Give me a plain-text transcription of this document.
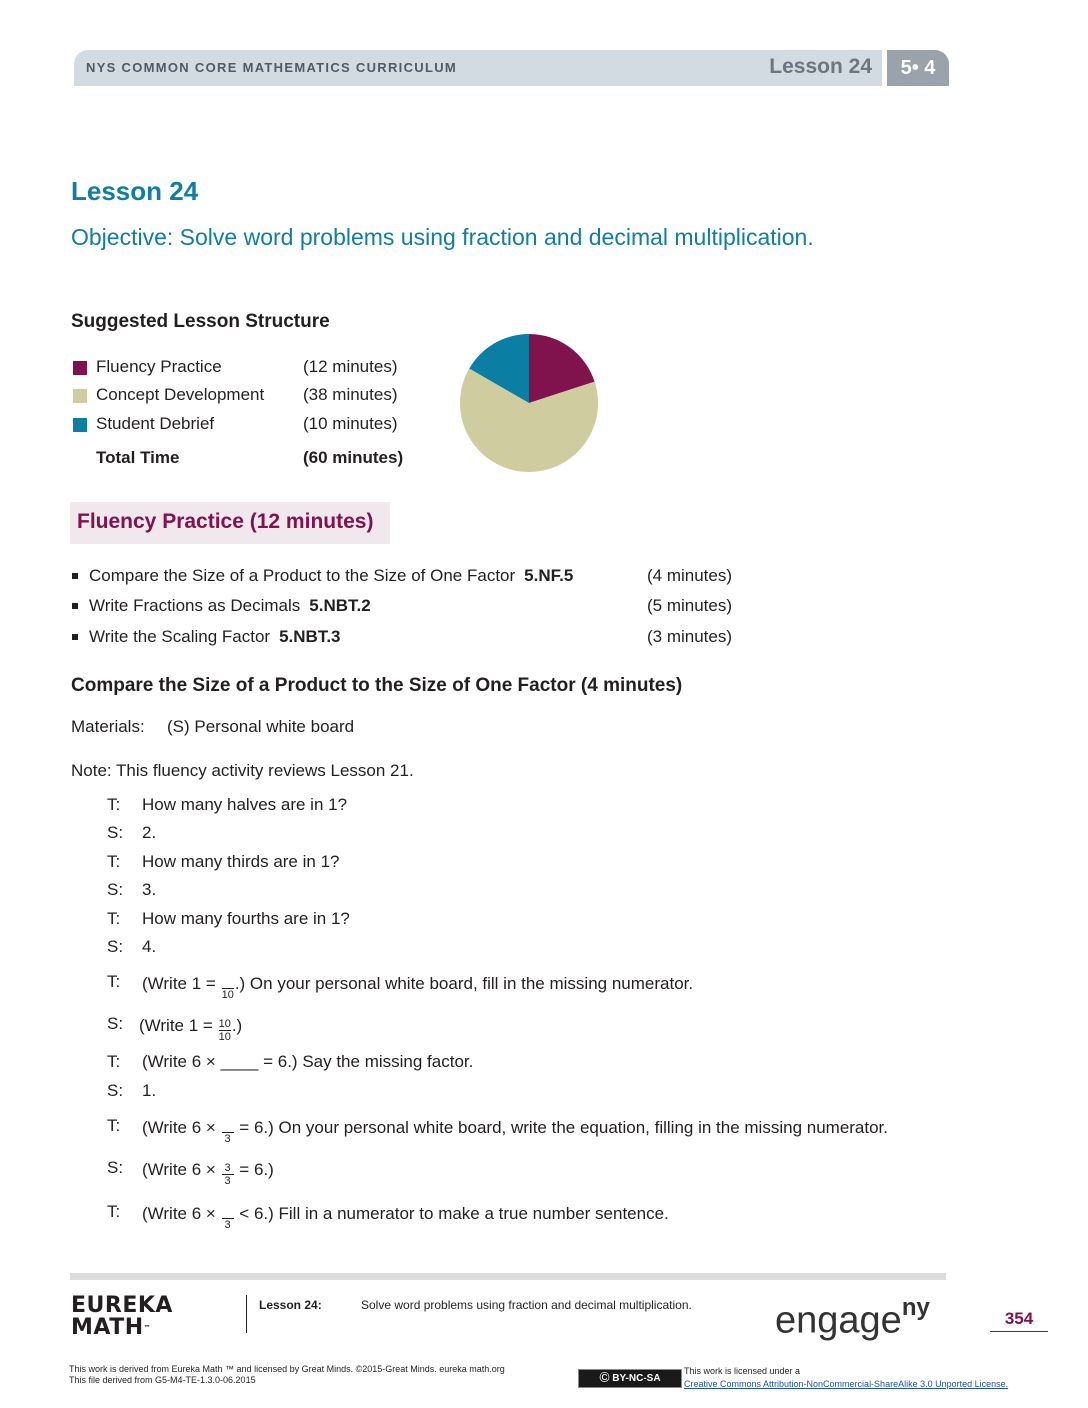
NYS COMMON CORE MATHEMATICS CURRICULUM	Lesson 24	5• 4
Lesson 24
Objective: Solve word problems using fraction and decimal multiplication.
Suggested Lesson Structure
Fluency Practice	(12 minutes)
Concept Development (38 minutes)
Student Debrief	(10 minutes)
Total Time	(60 minutes)
Fluency Practice (12 minutes)
Compare the Size of a Product to the Size of One Factor 5.NF.5	(4 minutes)
Write Fractions as Decimals 5.NBT.2	(5 minutes)
Write the Scaling Factor 5.NBT.3	(3 minutes)
Compare the Size of a Product to the Size of One Factor (4 minutes)
Materials: (S) Personal white board
Note: This fluency activity reviews Lesson 21.
T: How many halves are in 1?
S: 2.
T: How many thirds are in 1?
S: 3.
T: How many fourths are in 1?
S: 4.
T: (Write 1 =
10
.) On your personal white board, fill in the missing numerator.
S: (Write $1 = \frac{10}{10}$ .)
T: (Write 6 × ____ = 6.) Say the missing factor.
S: 1.
T: (Write 6 ×
3
= 6.) On your personal white board, write the equation, filling in the missing numerator.
S: (Write $6 \times \frac{3}{3} = 6$.)
T: (Write 6 ×
3
< 6.) Fill in a numerator to make a true number sentence.
EUREKA
MATH™
Lesson 24:	Solve word problems using fraction and decimal multiplication. engage$^{ny}$	354
This work is derived from Eureka Math ™ and licensed by Great Minds. ©2015-Great Minds. eureka math.org
This file derived from G5-M4-TE-1.3.0-06.2015	Ⓒ BY-NC-SA
This work is licensed under a
Creative Commons Attribution-NonCommercial-ShareAlike 3.0 Unported License.
